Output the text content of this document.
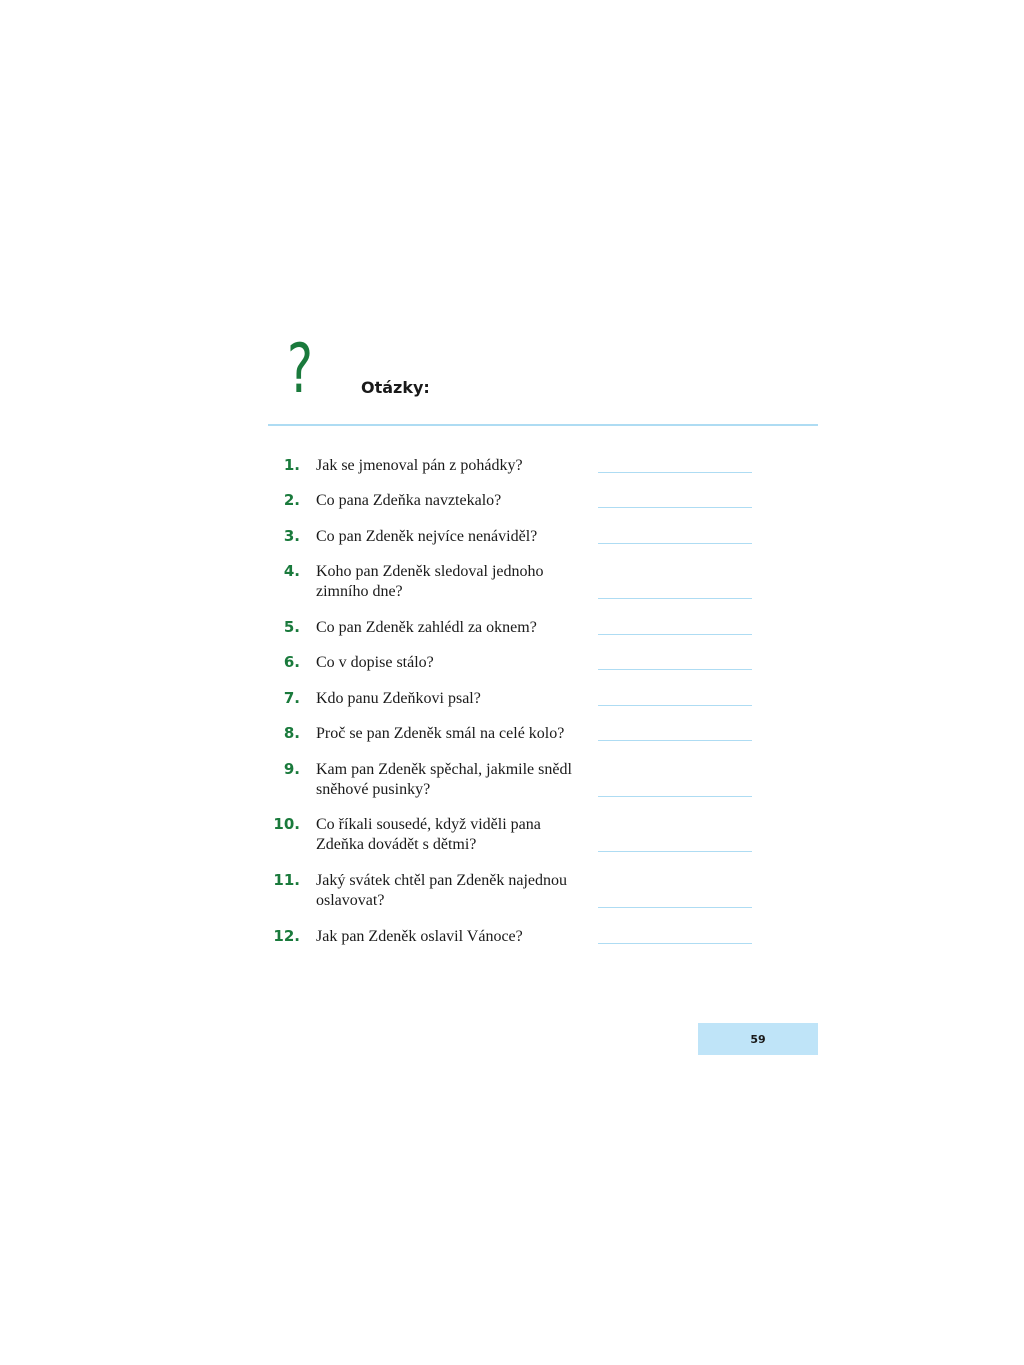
?	Otázky:
1. Jak se jmenoval pán z pohádky?
2. Co pana Zdeňka navztekalo?
3. Co pan Zdeněk nejvíce nenáviděl?
4. Koho pan Zdeněk sledoval jednoho zimního dne?
5. Co pan Zdeněk zahlédl za oknem?
6. Co v dopise stálo?
7. Kdo panu Zdeňkovi psal?
8. Proč se pan Zdeněk smál na celé kolo?
9. Kam pan Zdeněk spěchal, jakmile snědl sněhové pusinky?
10. Co říkali sousedé, když viděli pana Zdeňka dovádět s dětmi?
11. Jaký svátek chtěl pan Zdeněk najednou oslavovat?
12. Jak pan Zdeněk oslavil Vánoce?
59
